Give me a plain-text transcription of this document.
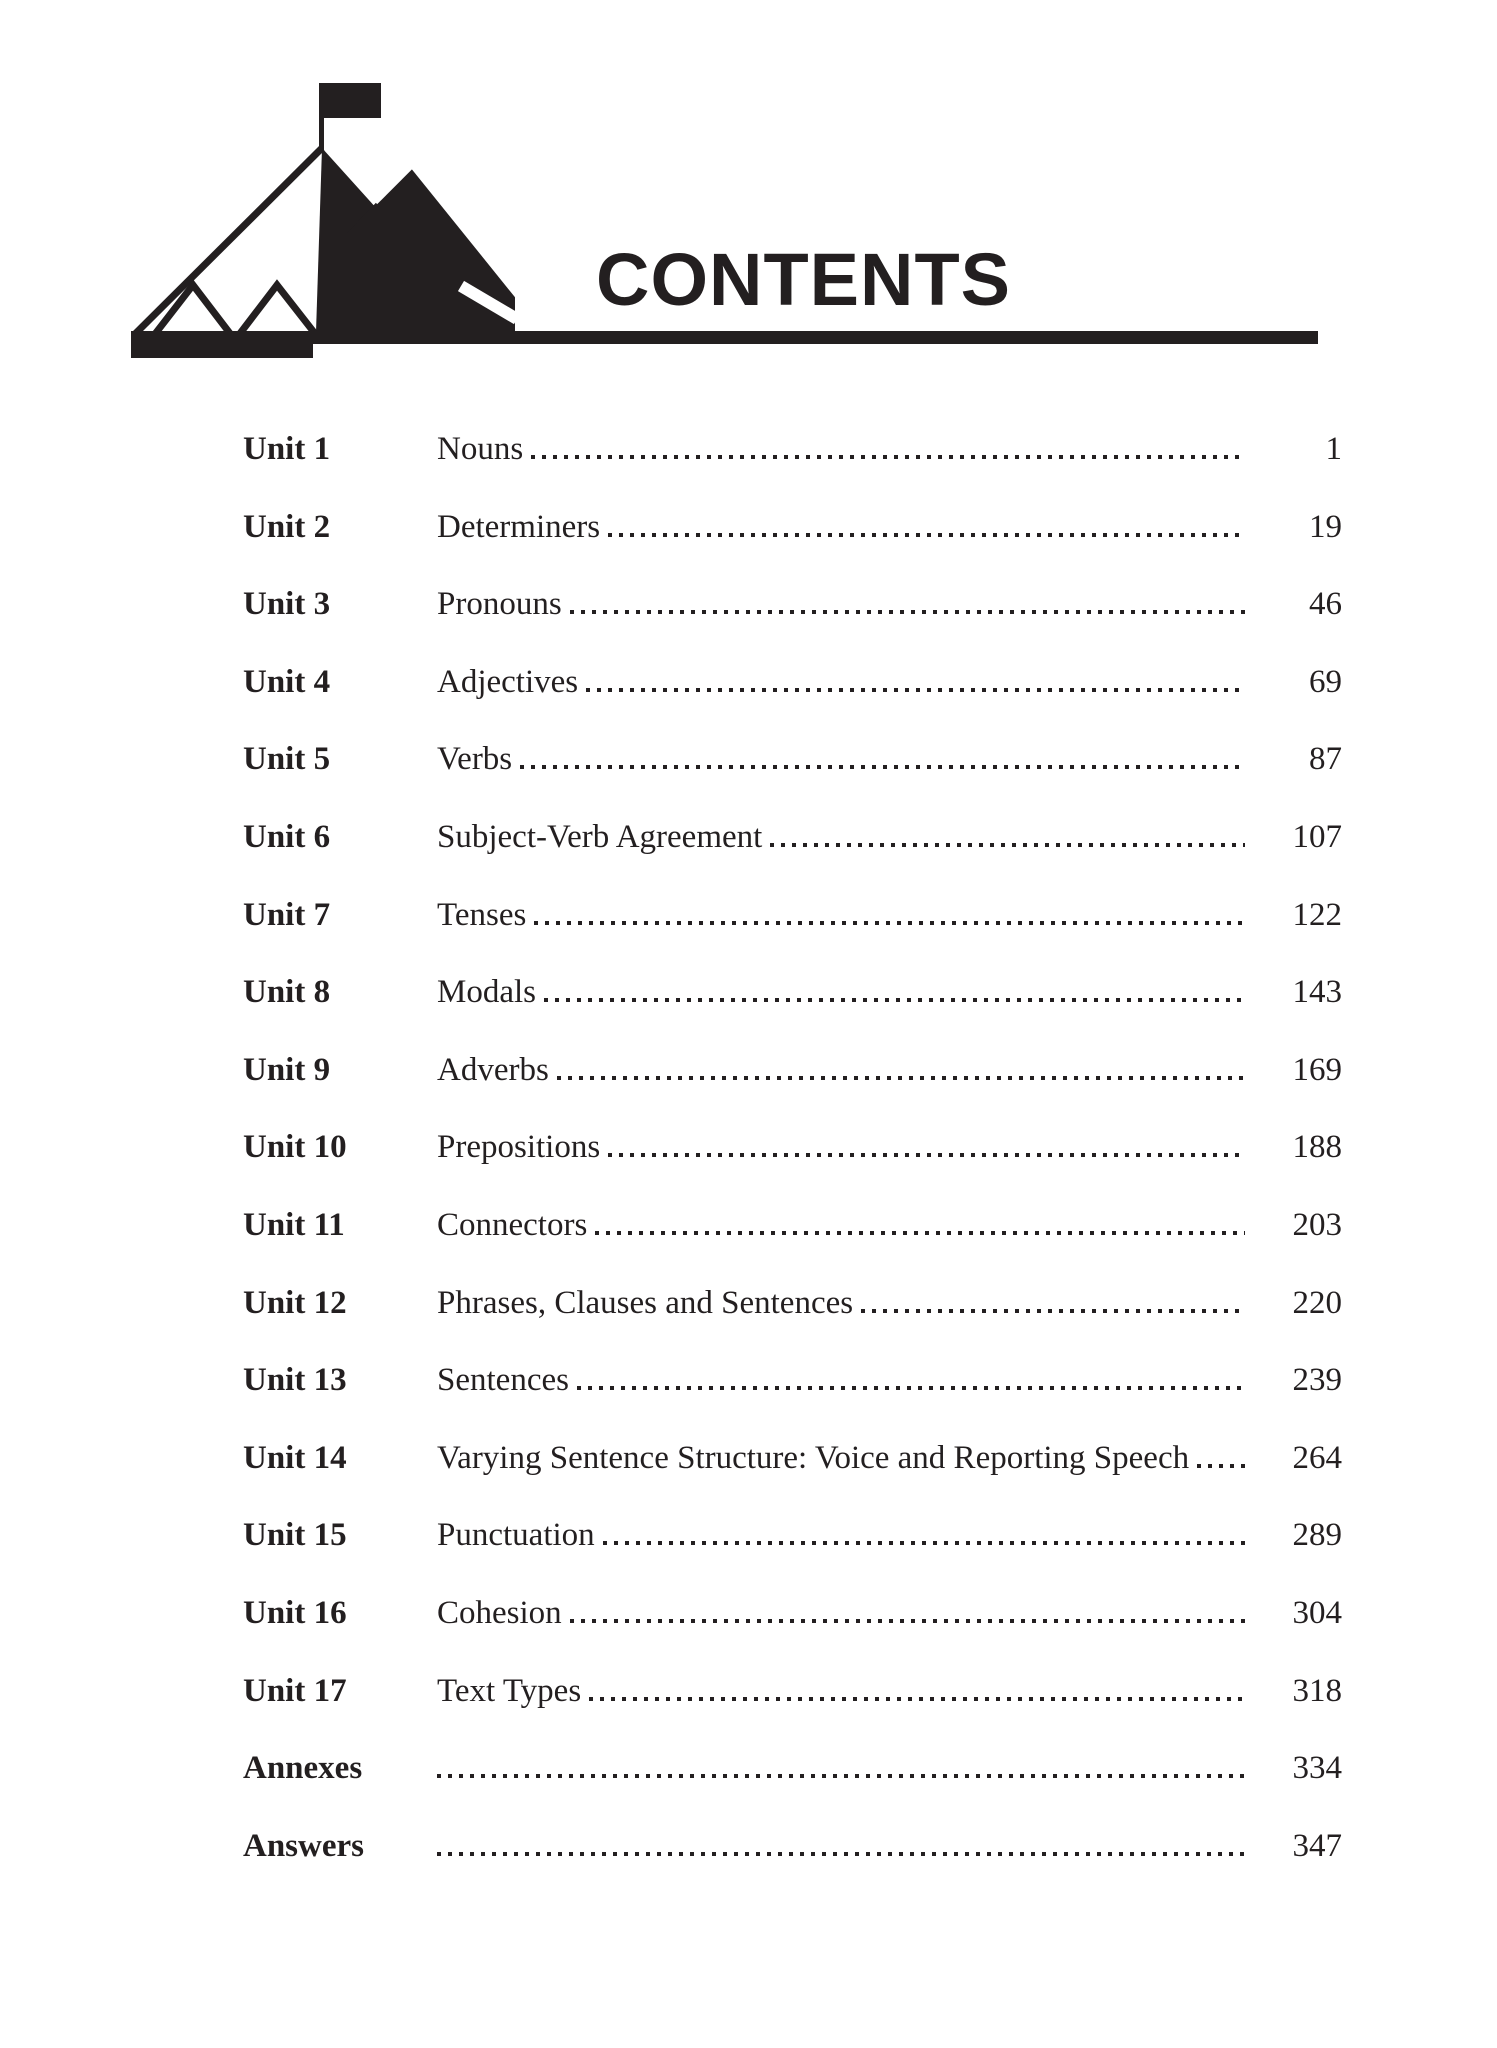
CONTENTS
Unit 1	Nouns	1
Unit 2	Determiners	19
Unit 3	Pronouns	46
Unit 4	Adjectives	69
Unit 5	Verbs	87
Unit 6	Subject-Verb Agreement	107
Unit 7	Tenses	122
Unit 8	Modals	143
Unit 9	Adverbs	169
Unit 10	Prepositions	188
Unit 11	Connectors	203
Unit 12	Phrases, Clauses and Sentences	220
Unit 13	Sentences	239
Unit 14	Varying Sentence Structure: Voice and Reporting Speech	264
Unit 15	Punctuation	289
Unit 16	Cohesion	304
Unit 17	Text Types	318
Annexes	334
Answers	347
